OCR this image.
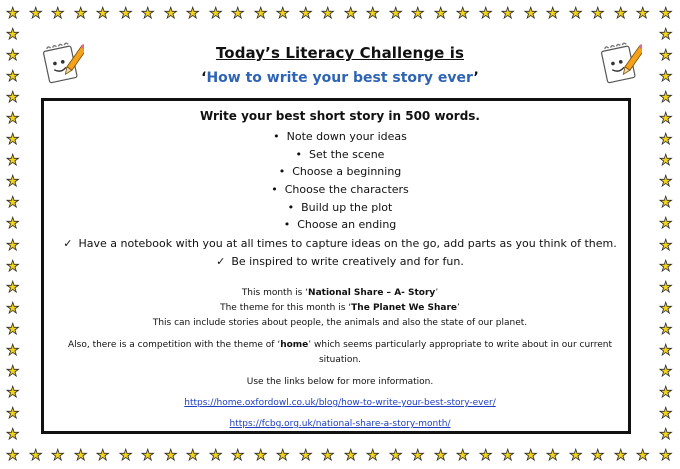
★
★
★
★
★
★
★
★
★
★
★
★
★
★
★
★
★
★
★
★
★
★
★
★
★
★
★
★
★
★
★
★
★
★
★
★
★
★
★
★
★
★
★
★
★
★
★
★
★
★
★
★
★
★
★
★
★
★
★
★
★	★
★	★
★	★
★	★
★	★
★	★
★	★
★	★
★	★
★	★
★	★
★	★
★	★
★	★
★	★
★	★
★	★
★	★
★	★
★	★
Today’s Literacy Challenge is
‘How to write your best story ever’
Write your best short story in 500 words.
• Note down your ideas
• Set the scene
• Choose a beginning
• Choose the characters
• Build up the plot
• Choose an ending
✓ Have a notebook with you at all times to capture ideas on the go, add parts as you think of them.
✓ Be inspired to write creatively and for fun.
This month is ‘National Share – A- Story’
The theme for this month is ‘The Planet We Share’
This can include stories about people, the animals and also the state of our planet.
Also, there is a competition with the theme of ‘home’ which seems particularly appropriate to write about in our current
situation.
Use the links below for more information.
https://home.oxfordowl.co.uk/blog/how-to-write-your-best-story-ever/
https://fcbg.org.uk/national-share-a-story-month/
